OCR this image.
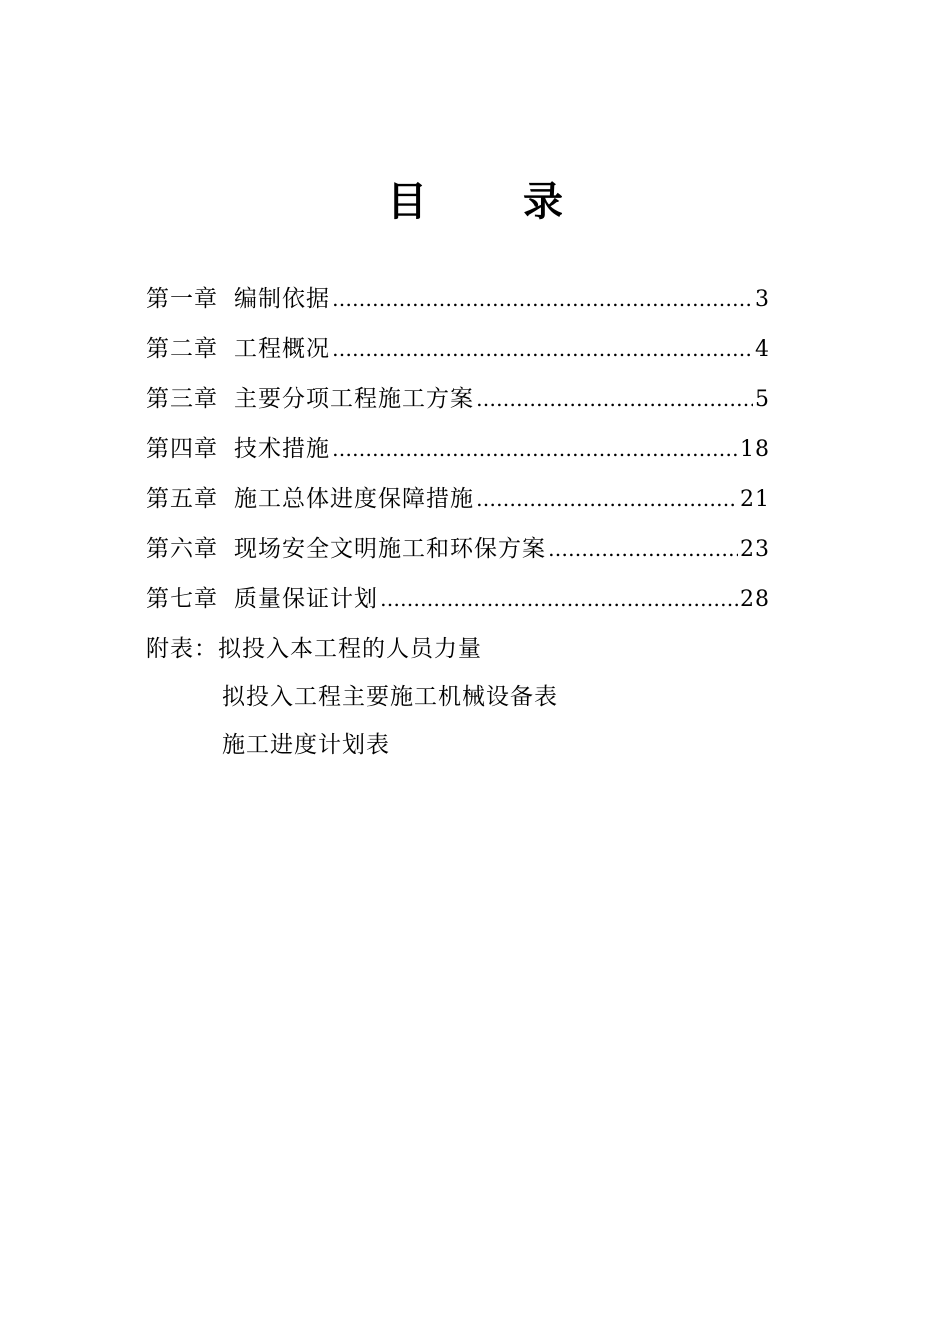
目 录
第一章 编制依据 …………………………………………………………………………………………………………	3
第二章 工程概况 …………………………………………………………………………………………………………	4
第三章 主要分项工程施工方案 …………………………………………………………………………………………………………	5
第四章 技术措施 …………………………………………………………………………………………………………	18
第五章 施工总体进度保障措施 …………………………………………………………………………………………………………	21
第六章 现场安全文明施工和环保方案 …………………………………………………………………………………………………………	23
第七章 质量保证计划 …………………………………………………………………………………………………………	28
附表：拟投入本工程的人员力量
拟投入工程主要施工机械设备表
施工进度计划表
